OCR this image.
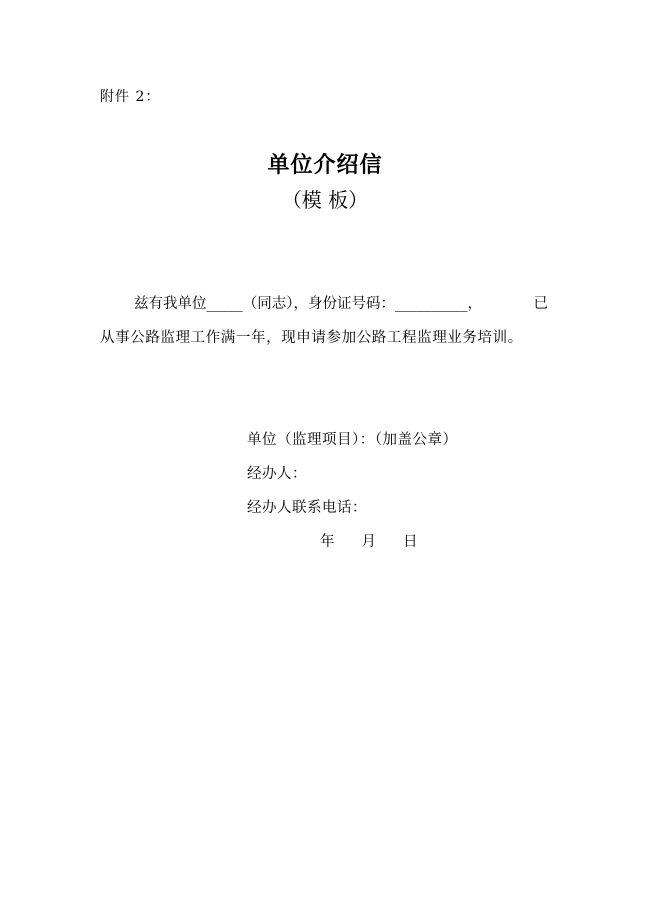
附件 2：
单位介绍信
（模 板）
兹有我单位_____（同志），身份证号码：__________，	已
从事公路监理工作满一年，现申请参加公路工程监理业务培训。
单位（监理项目）：（加盖公章）
经办人：
经办人联系电话：
年 月 日
